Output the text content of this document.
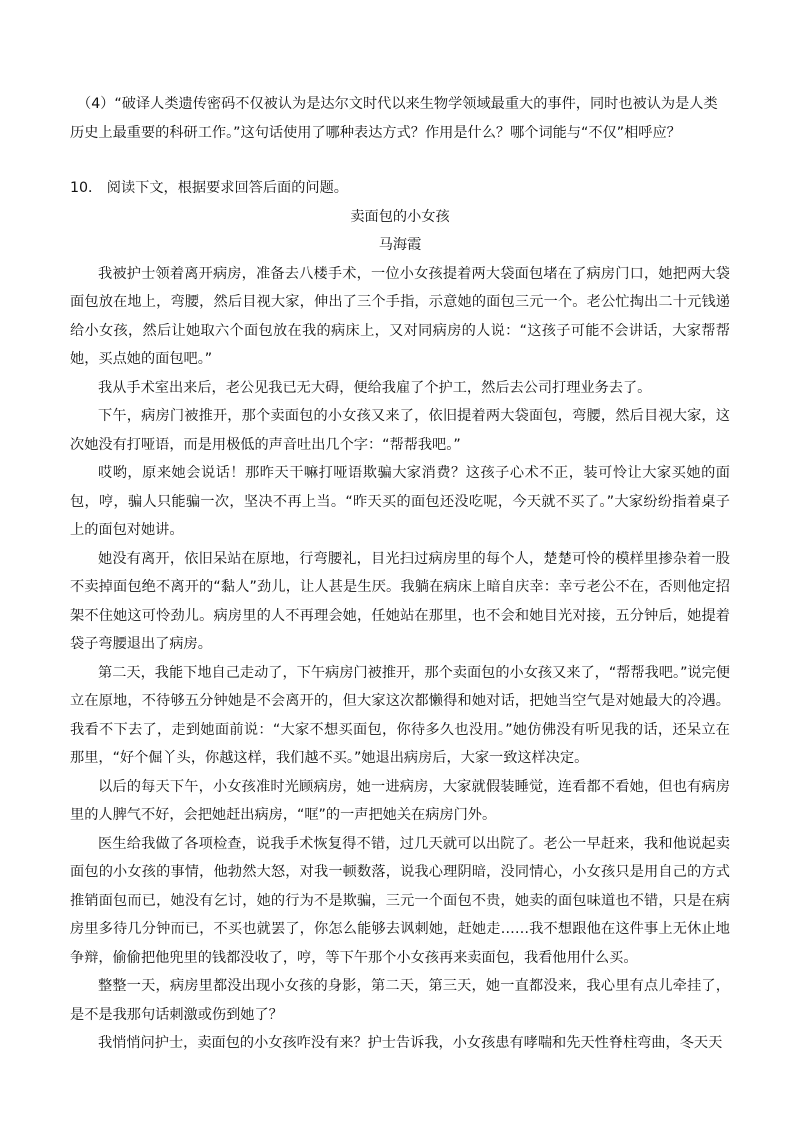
（4）“破译人类遗传密码不仅被认为是达尔文时代以来生物学领域最重大的事件，同时也被认为是人类历史上最重要的科研工作。”这句话使用了哪种表达方式？作用是什么？哪个词能与“不仅”相呼应？

10． 阅读下文，根据要求回答后面的问题。

卖面包的小女孩

马海霞

我被护士领着离开病房，准备去八楼手术，一位小女孩提着两大袋面包堵在了病房门口，她把两大袋面包放在地上，弯腰，然后目视大家，伸出了三个手指，示意她的面包三元一个。老公忙掏出二十元钱递给小女孩，然后让她取六个面包放在我的病床上，又对同病房的人说：“这孩子可能不会讲话，大家帮帮她，买点她的面包吧。”

我从手术室出来后，老公见我已无大碍，便给我雇了个护工，然后去公司打理业务去了。

下午，病房门被推开，那个卖面包的小女孩又来了，依旧提着两大袋面包，弯腰，然后目视大家，这次她没有打哑语，而是用极低的声音吐出几个字：“帮帮我吧。”

哎哟，原来她会说话！那昨天干嘛打哑语欺骗大家消费？这孩子心术不正，装可怜让大家买她的面包，哼，骗人只能骗一次，坚决不再上当。“昨天买的面包还没吃呢，今天就不买了。”大家纷纷指着桌子上的面包对她讲。

她没有离开，依旧呆站在原地，行弯腰礼，目光扫过病房里的每个人，楚楚可怜的模样里掺杂着一股不卖掉面包绝不离开的“黏人”劲儿，让人甚是生厌。我躺在病床上暗自庆幸：幸亏老公不在，否则他定招架不住她这可怜劲儿。病房里的人不再理会她，任她站在那里，也不会和她目光对接，五分钟后，她提着袋子弯腰退出了病房。

第二天，我能下地自己走动了，下午病房门被推开，那个卖面包的小女孩又来了，“帮帮我吧。”说完便立在原地，不待够五分钟她是不会离开的，但大家这次都懒得和她对话，把她当空气是对她最大的冷遇。我看不下去了，走到她面前说：“大家不想买面包，你待多久也没用。”她仿佛没有听见我的话，还呆立在那里，“好个倔丫头，你越这样，我们越不买。”她退出病房后，大家一致这样决定。

以后的每天下午，小女孩准时光顾病房，她一进病房，大家就假装睡觉，连看都不看她，但也有病房里的人脾气不好，会把她赶出病房，“哐”的一声把她关在病房门外。

医生给我做了各项检查，说我手术恢复得不错，过几天就可以出院了。老公一早赶来，我和他说起卖面包的小女孩的事情，他勃然大怒，对我一顿数落，说我心理阴暗，没同情心，小女孩只是用自己的方式推销面包而已，她没有乞讨，她的行为不是欺骗，三元一个面包不贵，她卖的面包味道也不错，只是在病房里多待几分钟而已，不买也就罢了，你怎么能够去讽刺她，赶她走……我不想跟他在这件事上无休止地争辩，偷偷把他兜里的钱都没收了，哼，等下午那个小女孩再来卖面包，我看他用什么买。

整整一天，病房里都没出现小女孩的身影，第二天，第三天，她一直都没来，我心里有点儿牵挂了，是不是我那句话刺激或伤到她了？

我悄悄问护士，卖面包的小女孩咋没有来？护士告诉我，小女孩患有哮喘和先天性脊柱弯曲，冬天天
